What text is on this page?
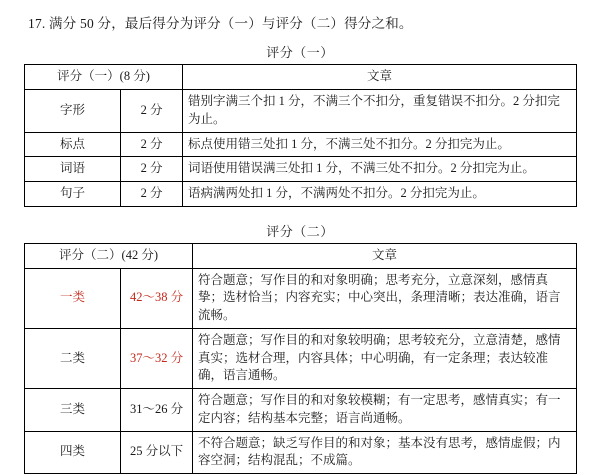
17. 满分 50 分，最后得分为评分（一）与评分（二）得分之和。
评分（一）
评分（一）(8 分)		文章
字形	2 分	错别字满三个扣 1 分，不满三个不扣分，重复错误不扣分。2 分扣完为止。
标点	2 分	标点使用错三处扣 1 分，不满三处不扣分。2 分扣完为止。
词语	2 分	词语使用错误满三处扣 1 分，不满三处不扣分。2 分扣完为止。
句子	2 分	语病满两处扣 1 分，不满两处不扣分。2 分扣完为止。
评分（二）
评分（二）(42 分)		文章
一类	42～38 分	符合题意；写作目的和对象明确；思考充分，立意深刻，感情真挚；选材恰当；内容充实；中心突出，条理清晰；表达准确，语言流畅。
二类	37～32 分	符合题意；写作目的和对象较明确；思考较充分，立意清楚，感情真实；选材合理，内容具体；中心明确，有一定条理；表达较准确，语言通畅。
三类	31～26 分	符合题意；写作目的和对象较模糊；有一定思考，感情真实；有一定内容；结构基本完整；语言尚通畅。
四类	25 分以下	不符合题意；缺乏写作目的和对象；基本没有思考，感情虚假；内容空洞；结构混乱；不成篇。
